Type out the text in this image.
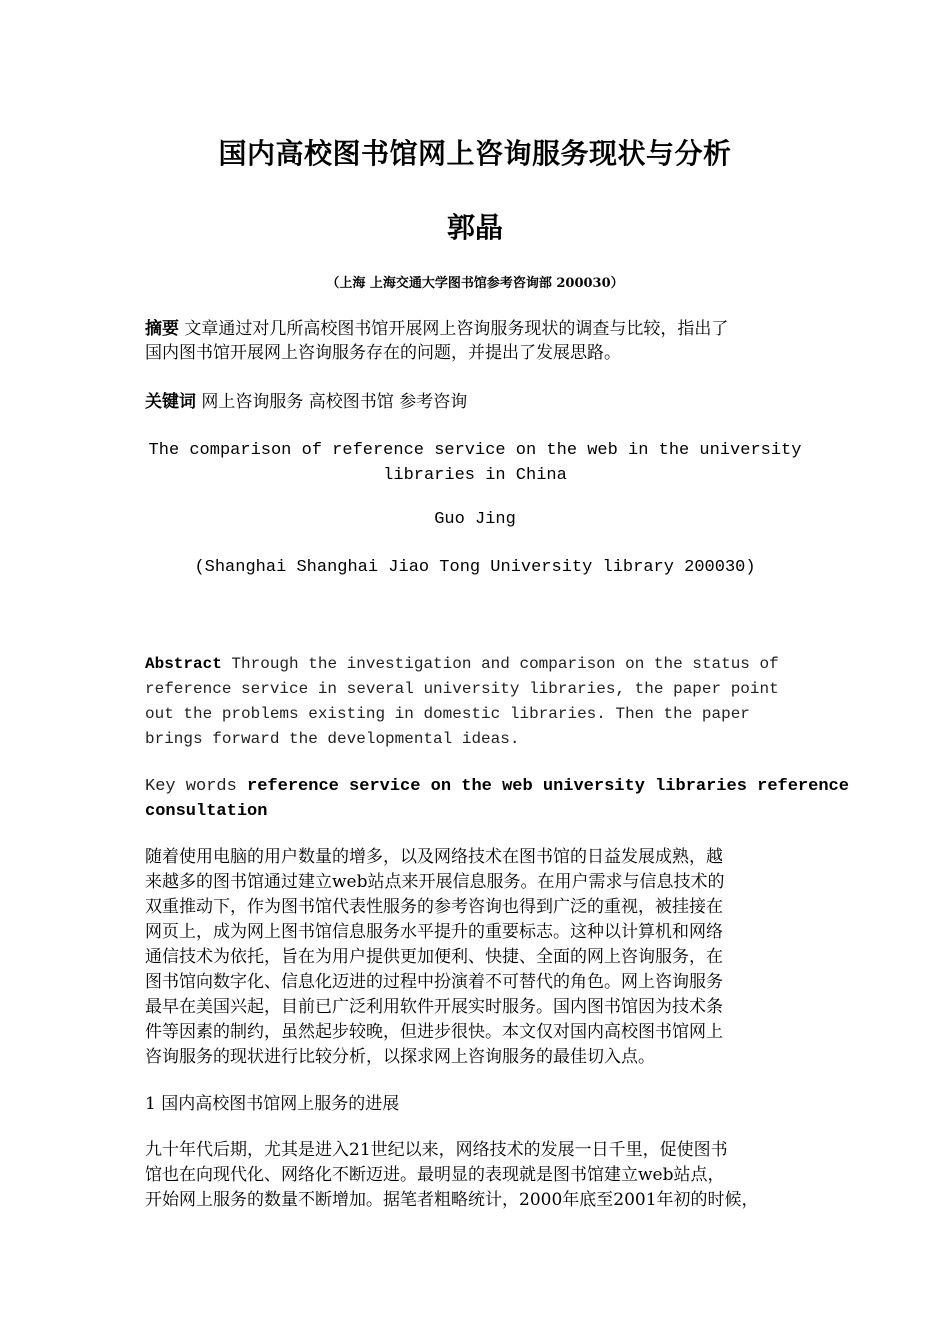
国内高校图书馆网上咨询服务现状与分析
郭晶
（上海 上海交通大学图书馆参考咨询部 200030）
摘要 文章通过对几所高校图书馆开展网上咨询服务现状的调查与比较，指出了
国内图书馆开展网上咨询服务存在的问题，并提出了发展思路。
关键词 网上咨询服务 高校图书馆 参考咨询
The comparison of reference service on the web in the university
libraries in China
Guo Jing
(Shanghai Shanghai Jiao Tong University library 200030)
Abstract Through the investigation and comparison on the status of
reference service in several university libraries, the paper point
out the problems existing in domestic libraries. Then the paper
brings forward the developmental ideas.
Key words reference service on the web university libraries reference
consultation
随着使用电脑的用户数量的增多，以及网络技术在图书馆的日益发展成熟，越
来越多的图书馆通过建立web站点来开展信息服务。在用户需求与信息技术的
双重推动下，作为图书馆代表性服务的参考咨询也得到广泛的重视，被挂接在
网页上，成为网上图书馆信息服务水平提升的重要标志。这种以计算机和网络
通信技术为依托，旨在为用户提供更加便利、快捷、全面的网上咨询服务，在
图书馆向数字化、信息化迈进的过程中扮演着不可替代的角色。网上咨询服务
最早在美国兴起，目前已广泛利用软件开展实时服务。国内图书馆因为技术条
件等因素的制约，虽然起步较晚，但进步很快。本文仅对国内高校图书馆网上
咨询服务的现状进行比较分析，以探求网上咨询服务的最佳切入点。
1 国内高校图书馆网上服务的进展
九十年代后期，尤其是进入21世纪以来，网络技术的发展一日千里，促使图书
馆也在向现代化、网络化不断迈进。最明显的表现就是图书馆建立web站点，
开始网上服务的数量不断增加。据笔者粗略统计，2000年底至2001年初的时候，
